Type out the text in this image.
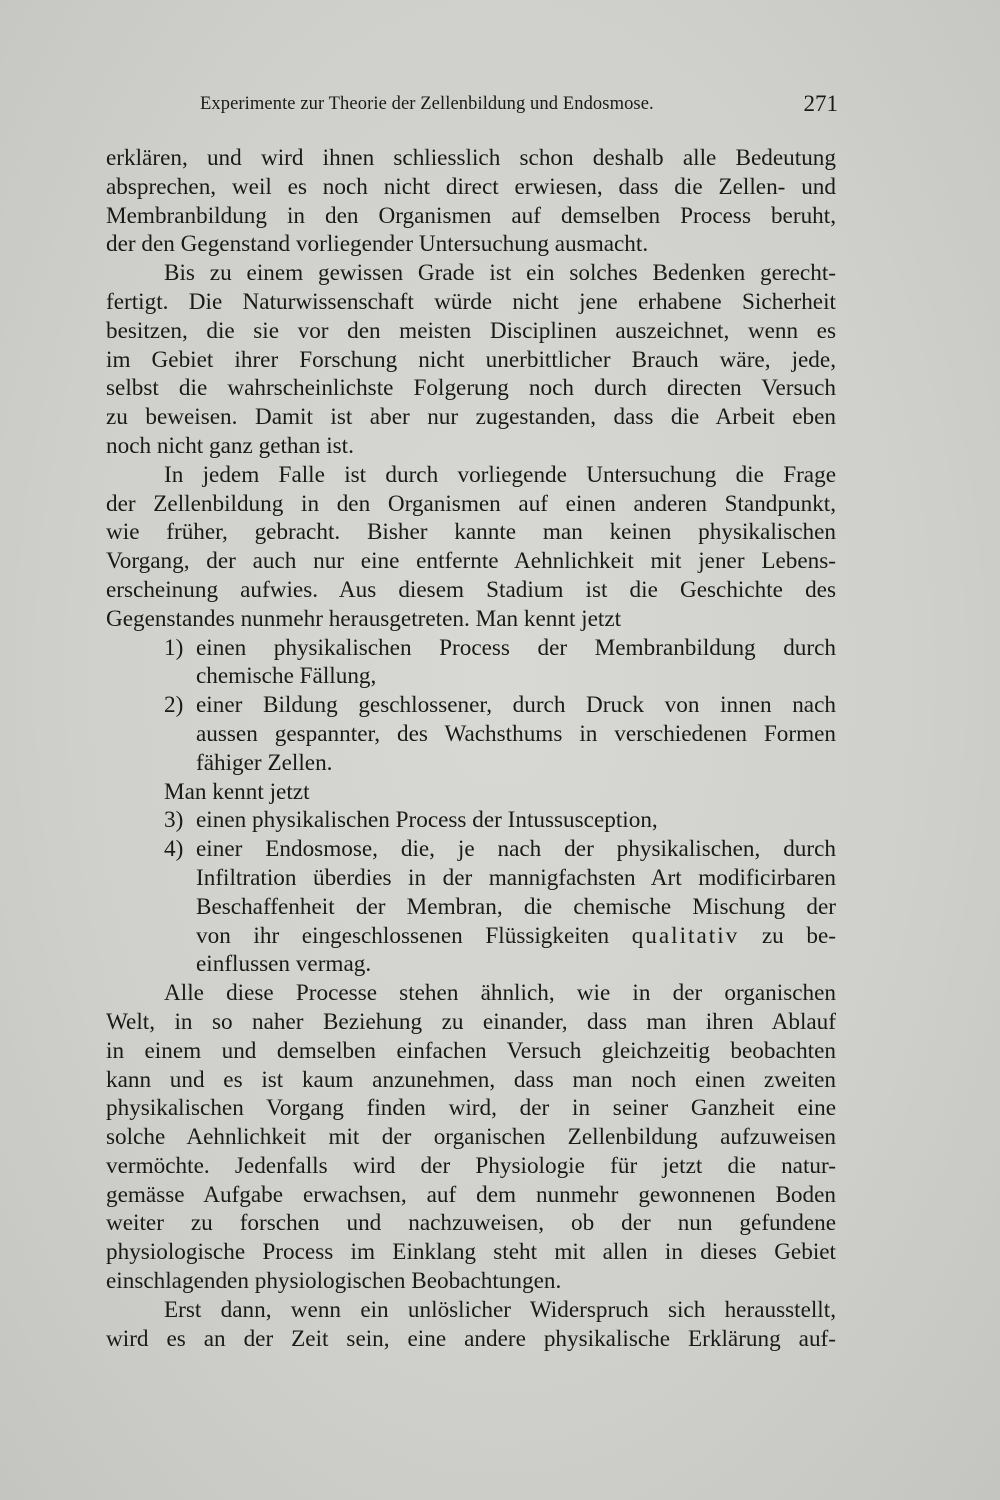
Experimente zur Theorie der Zellenbildung und Endosmose.	271
erklären, und wird ihnen schliesslich schon deshalb alle Bedeutung
absprechen, weil es noch nicht direct erwiesen, dass die Zellen- und
Membranbildung in den Organismen auf demselben Process beruht,
der den Gegenstand vorliegender Untersuchung ausmacht.
Bis zu einem gewissen Grade ist ein solches Bedenken gerecht-
fertigt. Die Naturwissenschaft würde nicht jene erhabene Sicherheit
besitzen, die sie vor den meisten Disciplinen auszeichnet, wenn es
im Gebiet ihrer Forschung nicht unerbittlicher Brauch wäre, jede,
selbst die wahrscheinlichste Folgerung noch durch directen Versuch
zu beweisen. Damit ist aber nur zugestanden, dass die Arbeit eben
noch nicht ganz gethan ist.
In jedem Falle ist durch vorliegende Untersuchung die Frage
der Zellenbildung in den Organismen auf einen anderen Standpunkt,
wie früher, gebracht. Bisher kannte man keinen physikalischen
Vorgang, der auch nur eine entfernte Aehnlichkeit mit jener Lebens-
erscheinung aufwies. Aus diesem Stadium ist die Geschichte des
Gegenstandes nunmehr herausgetreten. Man kennt jetzt
1) einen physikalischen Process der Membranbildung durch
chemische Fällung,
2) einer Bildung geschlossener, durch Druck von innen nach
aussen gespannter, des Wachsthums in verschiedenen Formen
fähiger Zellen.
Man kennt jetzt
3) einen physikalischen Process der Intussusception,
4) einer Endosmose, die, je nach der physikalischen, durch
Infiltration überdies in der mannigfachsten Art modificirbaren
Beschaffenheit der Membran, die chemische Mischung der
von ihr eingeschlossenen Flüssigkeiten qualitativ zu be-
einflussen vermag.
Alle diese Processe stehen ähnlich, wie in der organischen
Welt, in so naher Beziehung zu einander, dass man ihren Ablauf
in einem und demselben einfachen Versuch gleichzeitig beobachten
kann und es ist kaum anzunehmen, dass man noch einen zweiten
physikalischen Vorgang finden wird, der in seiner Ganzheit eine
solche Aehnlichkeit mit der organischen Zellenbildung aufzuweisen
vermöchte. Jedenfalls wird der Physiologie für jetzt die natur-
gemässe Aufgabe erwachsen, auf dem nunmehr gewonnenen Boden
weiter zu forschen und nachzuweisen, ob der nun gefundene
physiologische Process im Einklang steht mit allen in dieses Gebiet
einschlagenden physiologischen Beobachtungen.
Erst dann, wenn ein unlöslicher Widerspruch sich herausstellt,
wird es an der Zeit sein, eine andere physikalische Erklärung auf-
